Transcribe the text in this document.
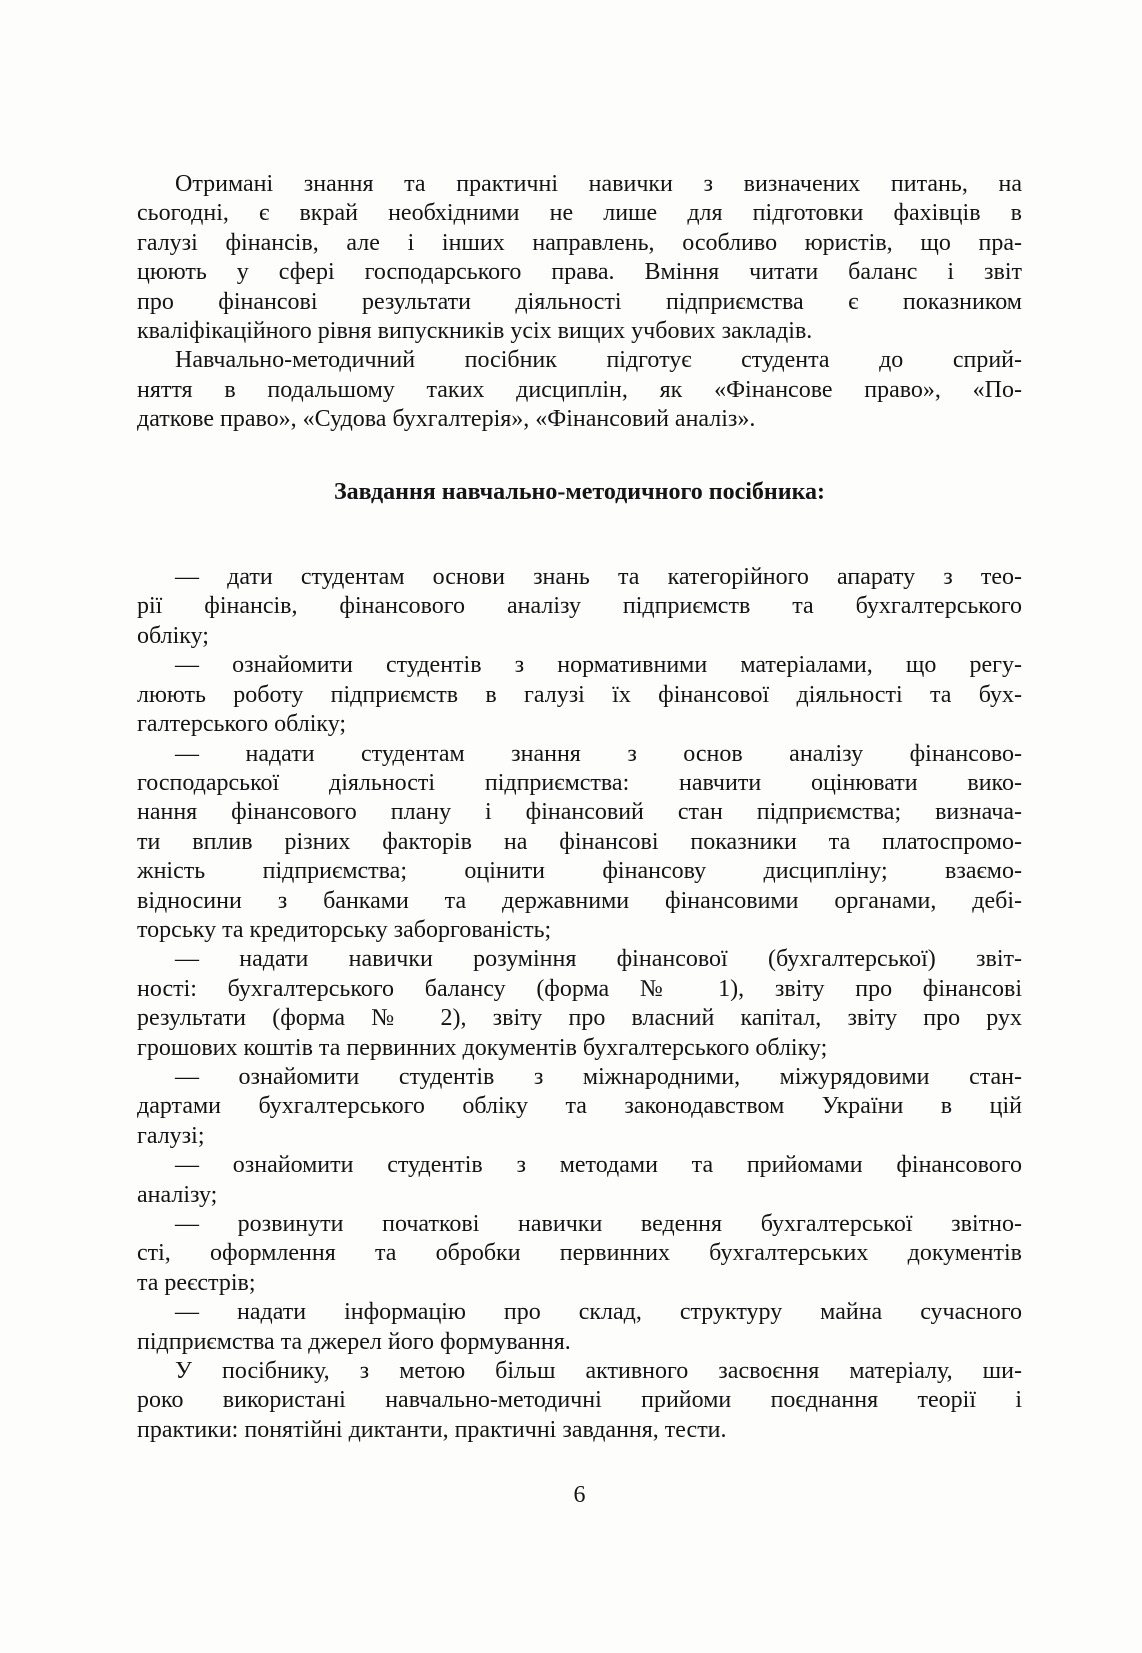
Отримані знання та практичні навички з визначених питань, на
сьогодні, є вкрай необхідними не лише для підготовки фахівців в
галузі фінансів, але і інших направлень, особливо юристів, що пра-
цюють у сфері господарського права. Вміння читати баланс і звіт
про фінансові результати діяльності підприємства є показником
кваліфікаційного рівня випускників усіх вищих учбових закладів.
Навчально-методичний посібник підготує студента до сприй-
няття в подальшому таких дисциплін, як «Фінансове право», «По-
даткове право», «Судова бухгалтерія», «Фінансовий аналіз».
Завдання навчально-методичного посібника:
— дати студентам основи знань та категорійного апарату з тео-
рії фінансів, фінансового аналізу підприємств та бухгалтерського
обліку;
— ознайомити студентів з нормативними матеріалами, що регу-
люють роботу підприємств в галузі їх фінансової діяльності та бух-
галтерського обліку;
— надати студентам знання з основ аналізу фінансово-
господарської діяльності підприємства: навчити оцінювати вико-
нання фінансового плану і фінансовий стан підприємства; визнача-
ти вплив різних факторів на фінансові показники та платоспромо-
жність підприємства; оцінити фінансову дисципліну; взаємо-
відносини з банками та державними фінансовими органами, дебі-
торську та кредиторську заборгованість;
— надати навички розуміння фінансової (бухгалтерської) звіт-
ності: бухгалтерського балансу (форма № 1), звіту про фінансові
результати (форма № 2), звіту про власний капітал, звіту про рух
грошових коштів та первинних документів бухгалтерського обліку;
— ознайомити студентів з міжнародними, міжурядовими стан-
дартами бухгалтерського обліку та законодавством України в цій
галузі;
— ознайомити студентів з методами та прийомами фінансового
аналізу;
— розвинути початкові навички ведення бухгалтерської звітно-
сті, оформлення та обробки первинних бухгалтерських документів
та реєстрів;
— надати інформацію про склад, структуру майна сучасного
підприємства та джерел його формування.
У посібнику, з метою більш активного засвоєння матеріалу, ши-
роко використані навчально-методичні прийоми поєднання теорії і
практики: понятійні диктанти, практичні завдання, тести.
6
